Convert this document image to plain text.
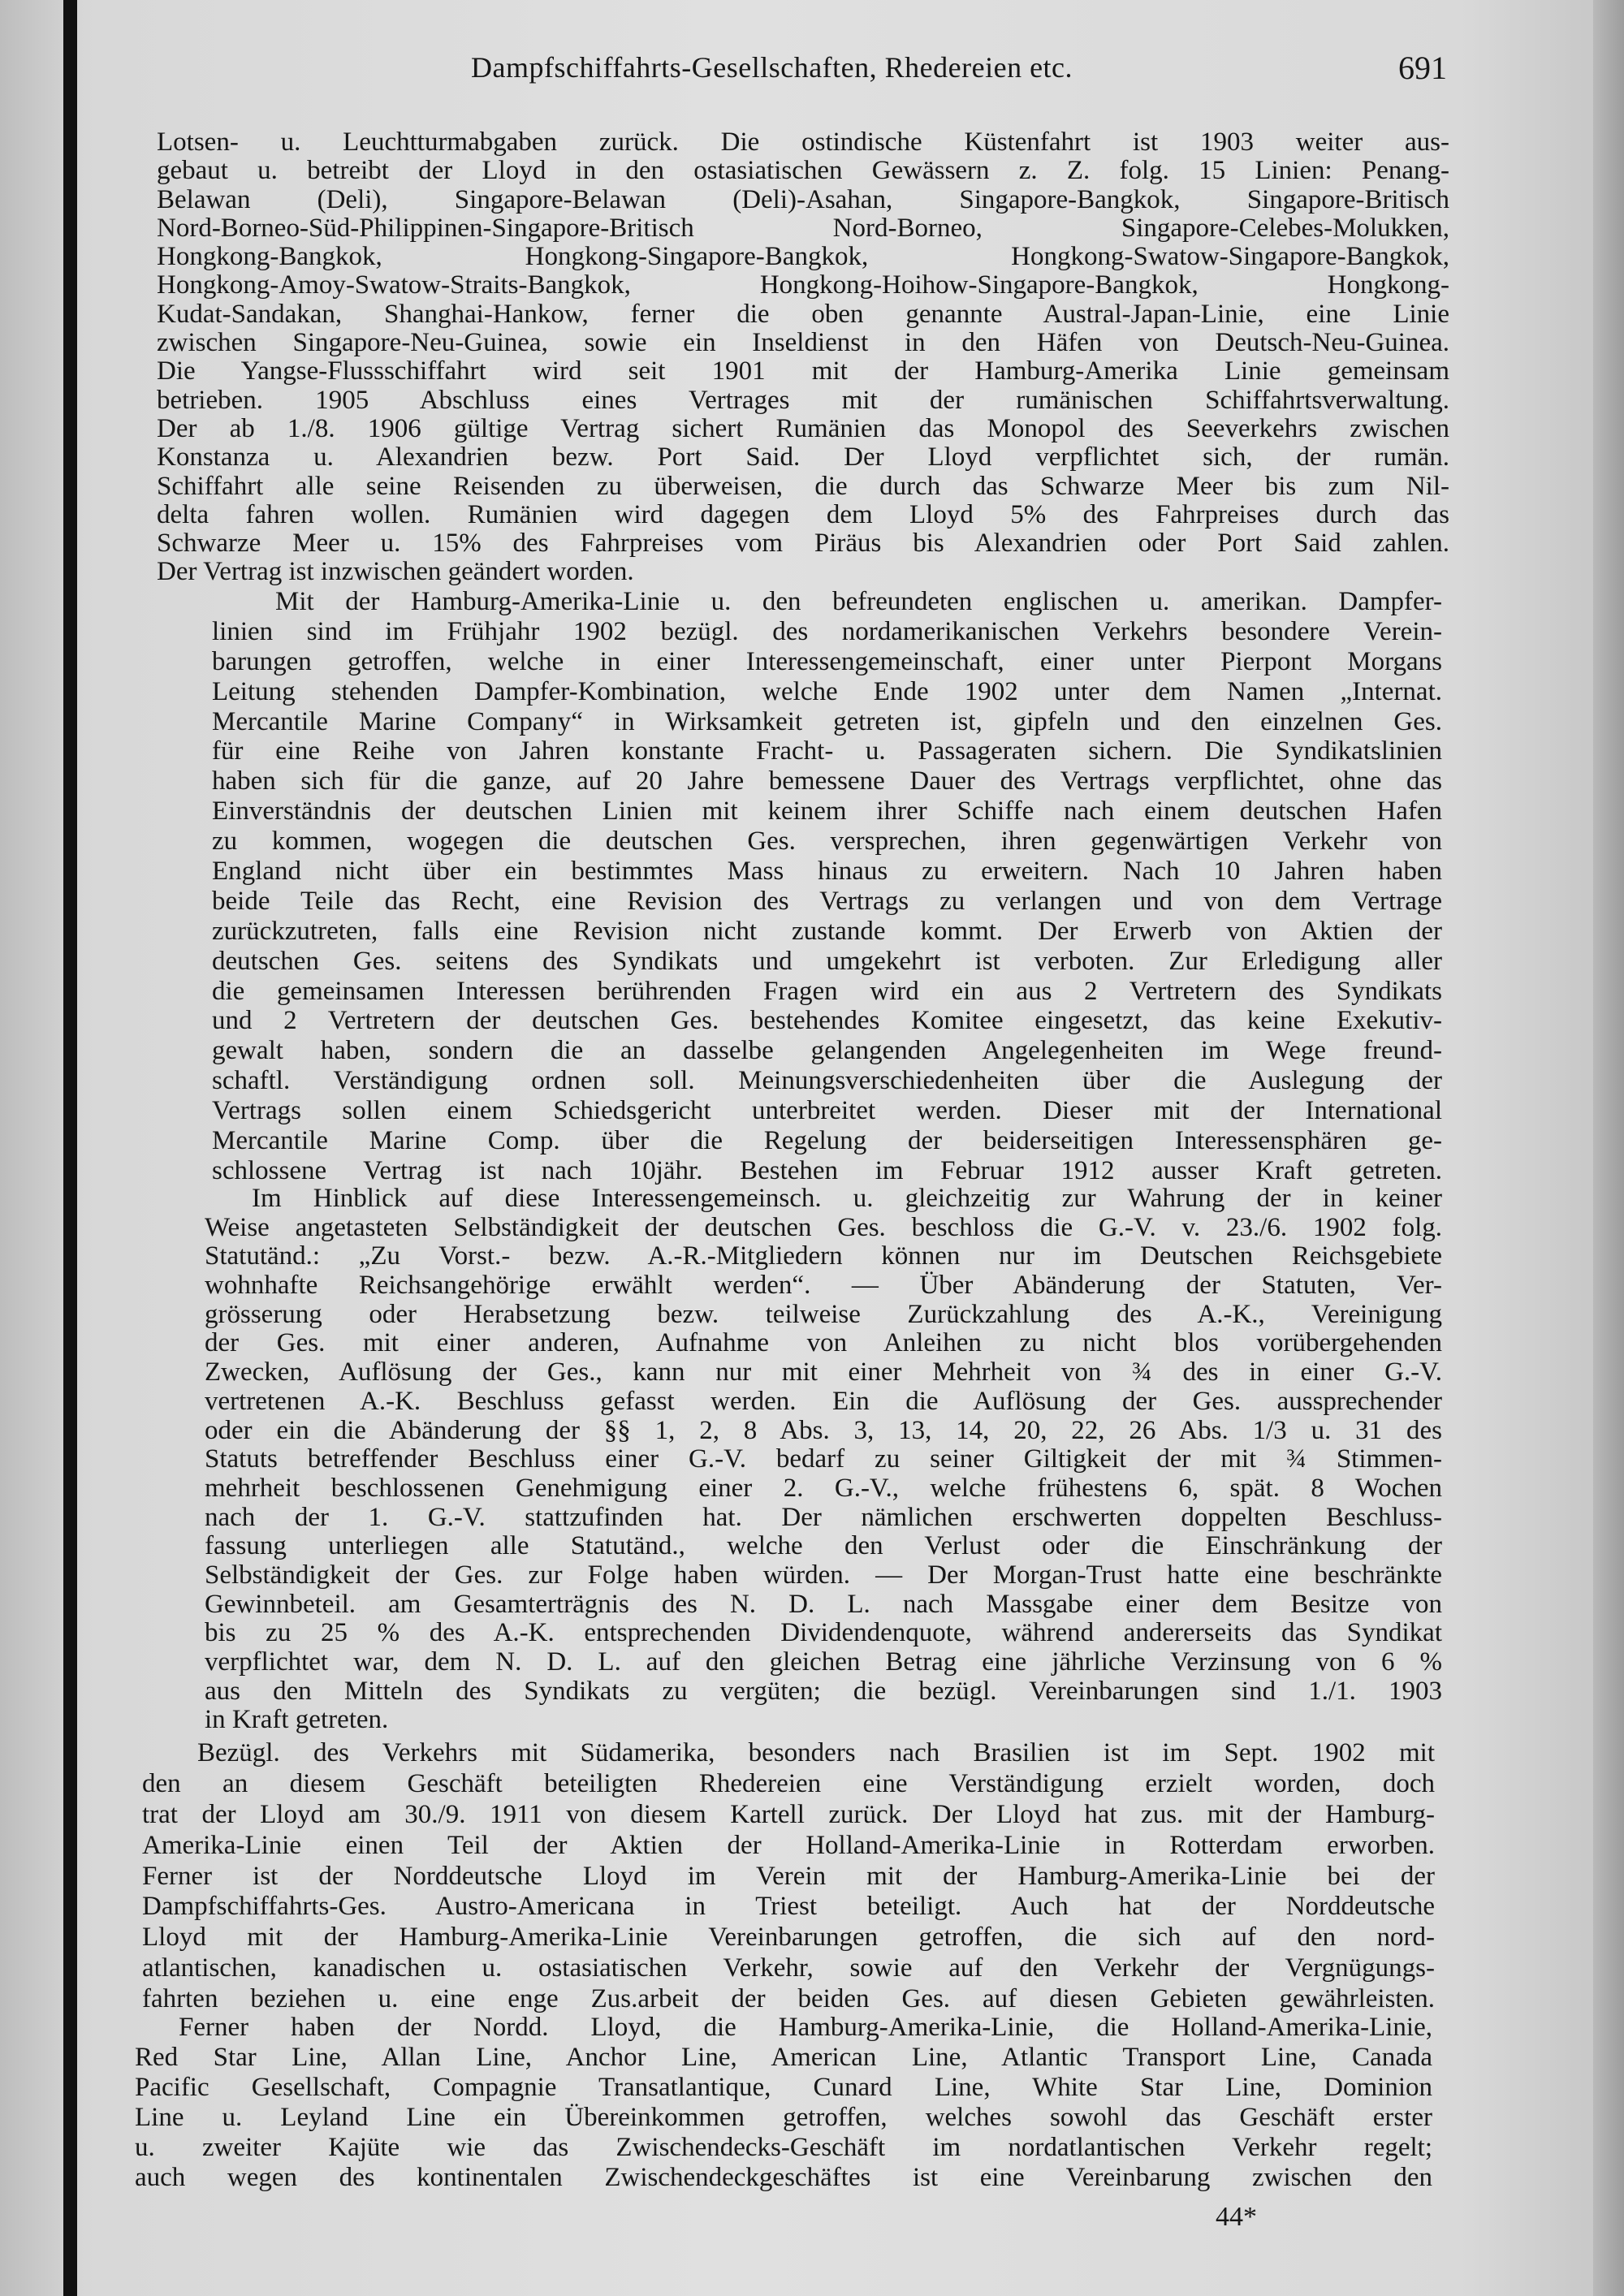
Dampfschiffahrts-Gesellschaften, Rhedereien etc.	691
Lotsen- u. Leuchtturmabgaben zurück. Die ostindische Küstenfahrt ist 1903 weiter aus-
gebaut u. betreibt der Lloyd in den ostasiatischen Gewässern z. Z. folg. 15 Linien: Penang-
Belawan (Deli), Singapore-Belawan (Deli)-Asahan, Singapore-Bangkok, Singapore-Britisch
Nord-Borneo-Süd-Philippinen-Singapore-Britisch Nord-Borneo, Singapore-Celebes-Molukken,
Hongkong-Bangkok, Hongkong-Singapore-Bangkok, Hongkong-Swatow-Singapore-Bangkok,
Hongkong-Amoy-Swatow-Straits-Bangkok, Hongkong-Hoihow-Singapore-Bangkok, Hongkong-
Kudat-Sandakan, Shanghai-Hankow, ferner die oben genannte Austral-Japan-Linie, eine Linie
zwischen Singapore-Neu-Guinea, sowie ein Inseldienst in den Häfen von Deutsch-Neu-Guinea.
Die Yangse-Flussschiffahrt wird seit 1901 mit der Hamburg-Amerika Linie gemeinsam
betrieben. 1905 Abschluss eines Vertrages mit der rumänischen Schiffahrtsverwaltung.
Der ab 1./8. 1906 gültige Vertrag sichert Rumänien das Monopol des Seeverkehrs zwischen
Konstanza u. Alexandrien bezw. Port Said. Der Lloyd verpflichtet sich, der rumän.
Schiffahrt alle seine Reisenden zu überweisen, die durch das Schwarze Meer bis zum Nil-
delta fahren wollen. Rumänien wird dagegen dem Lloyd 5% des Fahrpreises durch das
Schwarze Meer u. 15% des Fahrpreises vom Piräus bis Alexandrien oder Port Said zahlen.
Der Vertrag ist inzwischen geändert worden.
Mit der Hamburg-Amerika-Linie u. den befreundeten englischen u. amerikan. Dampfer-
linien sind im Frühjahr 1902 bezügl. des nordamerikanischen Verkehrs besondere Verein-
barungen getroffen, welche in einer Interessengemeinschaft, einer unter Pierpont Morgans
Leitung stehenden Dampfer-Kombination, welche Ende 1902 unter dem Namen „Internat.
Mercantile Marine Company“ in Wirksamkeit getreten ist, gipfeln und den einzelnen Ges.
für eine Reihe von Jahren konstante Fracht- u. Passageraten sichern. Die Syndikatslinien
haben sich für die ganze, auf 20 Jahre bemessene Dauer des Vertrags verpflichtet, ohne das
Einverständnis der deutschen Linien mit keinem ihrer Schiffe nach einem deutschen Hafen
zu kommen, wogegen die deutschen Ges. versprechen, ihren gegenwärtigen Verkehr von
England nicht über ein bestimmtes Mass hinaus zu erweitern. Nach 10 Jahren haben
beide Teile das Recht, eine Revision des Vertrags zu verlangen und von dem Vertrage
zurückzutreten, falls eine Revision nicht zustande kommt. Der Erwerb von Aktien der
deutschen Ges. seitens des Syndikats und umgekehrt ist verboten. Zur Erledigung aller
die gemeinsamen Interessen berührenden Fragen wird ein aus 2 Vertretern des Syndikats
und 2 Vertretern der deutschen Ges. bestehendes Komitee eingesetzt, das keine Exekutiv-
gewalt haben, sondern die an dasselbe gelangenden Angelegenheiten im Wege freund-
schaftl. Verständigung ordnen soll. Meinungsverschiedenheiten über die Auslegung der
Vertrags sollen einem Schiedsgericht unterbreitet werden. Dieser mit der International
Mercantile Marine Comp. über die Regelung der beiderseitigen Interessensphären ge-
schlossene Vertrag ist nach 10jähr. Bestehen im Februar 1912 ausser Kraft getreten.
Im Hinblick auf diese Interessengemeinsch. u. gleichzeitig zur Wahrung der in keiner
Weise angetasteten Selbständigkeit der deutschen Ges. beschloss die G.-V. v. 23./6. 1902 folg.
Statutänd.: „Zu Vorst.- bezw. A.-R.-Mitgliedern können nur im Deutschen Reichsgebiete
wohnhafte Reichsangehörige erwählt werden“. — Über Abänderung der Statuten, Ver-
grösserung oder Herabsetzung bezw. teilweise Zurückzahlung des A.-K., Vereinigung
der Ges. mit einer anderen, Aufnahme von Anleihen zu nicht blos vorübergehenden
Zwecken, Auflösung der Ges., kann nur mit einer Mehrheit von ¾ des in einer G.-V.
vertretenen A.-K. Beschluss gefasst werden. Ein die Auflösung der Ges. aussprechender
oder ein die Abänderung der §§ 1, 2, 8 Abs. 3, 13, 14, 20, 22, 26 Abs. 1/3 u. 31 des
Statuts betreffender Beschluss einer G.-V. bedarf zu seiner Giltigkeit der mit ¾ Stimmen-
mehrheit beschlossenen Genehmigung einer 2. G.-V., welche frühestens 6, spät. 8 Wochen
nach der 1. G.-V. stattzufinden hat. Der nämlichen erschwerten doppelten Beschluss-
fassung unterliegen alle Statutänd., welche den Verlust oder die Einschränkung der
Selbständigkeit der Ges. zur Folge haben würden. — Der Morgan-Trust hatte eine beschränkte
Gewinnbeteil. am Gesamterträgnis des N. D. L. nach Massgabe einer dem Besitze von
bis zu 25 % des A.-K. entsprechenden Dividendenquote, während andererseits das Syndikat
verpflichtet war, dem N. D. L. auf den gleichen Betrag eine jährliche Verzinsung von 6 %
aus den Mitteln des Syndikats zu vergüten; die bezügl. Vereinbarungen sind 1./1. 1903
in Kraft getreten.
Bezügl. des Verkehrs mit Südamerika, besonders nach Brasilien ist im Sept. 1902 mit
den an diesem Geschäft beteiligten Rhedereien eine Verständigung erzielt worden, doch
trat der Lloyd am 30./9. 1911 von diesem Kartell zurück. Der Lloyd hat zus. mit der Hamburg-
Amerika-Linie einen Teil der Aktien der Holland-Amerika-Linie in Rotterdam erworben.
Ferner ist der Norddeutsche Lloyd im Verein mit der Hamburg-Amerika-Linie bei der
Dampfschiffahrts-Ges. Austro-Americana in Triest beteiligt. Auch hat der Norddeutsche
Lloyd mit der Hamburg-Amerika-Linie Vereinbarungen getroffen, die sich auf den nord-
atlantischen, kanadischen u. ostasiatischen Verkehr, sowie auf den Verkehr der Vergnügungs-
fahrten beziehen u. eine enge Zus.arbeit der beiden Ges. auf diesen Gebieten gewährleisten.
Ferner haben der Nordd. Lloyd, die Hamburg-Amerika-Linie, die Holland-Amerika-Linie,
Red Star Line, Allan Line, Anchor Line, American Line, Atlantic Transport Line, Canada
Pacific Gesellschaft, Compagnie Transatlantique, Cunard Line, White Star Line, Dominion
Line u. Leyland Line ein Übereinkommen getroffen, welches sowohl das Geschäft erster
u. zweiter Kajüte wie das Zwischendecks-Geschäft im nordatlantischen Verkehr regelt;
auch wegen des kontinentalen Zwischendeckgeschäftes ist eine Vereinbarung zwischen den
44*
